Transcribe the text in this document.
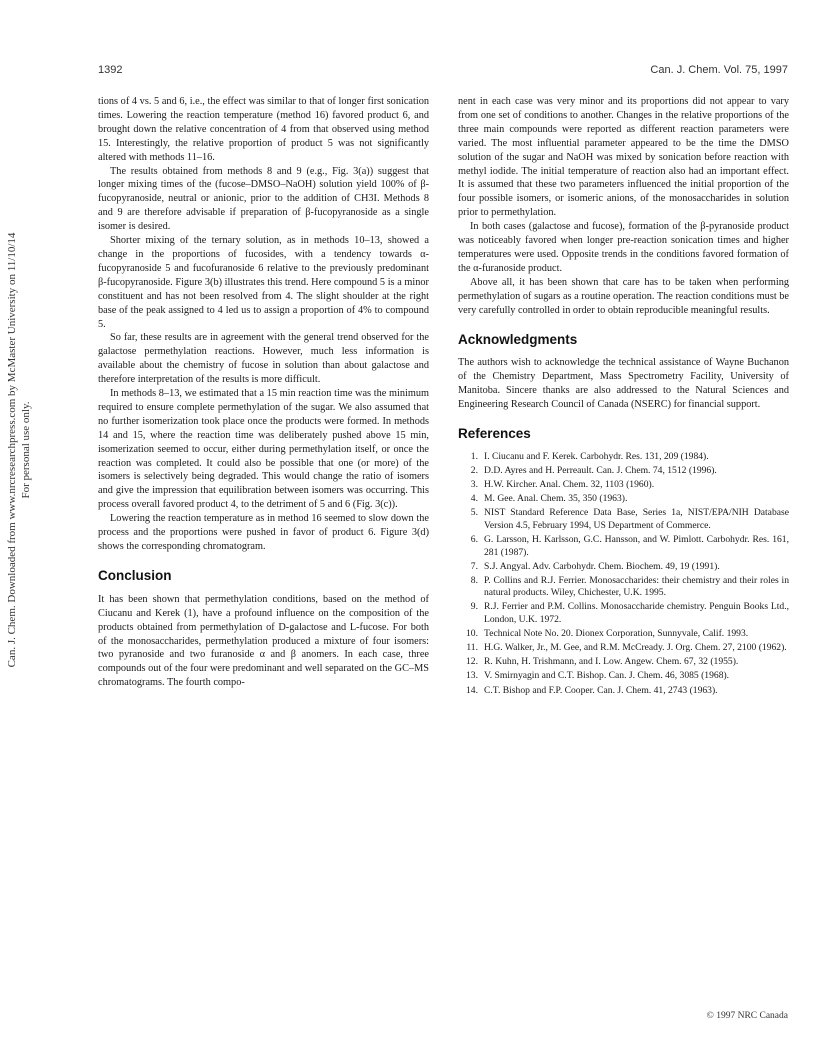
1392	Can. J. Chem. Vol. 75, 1997
Can. J. Chem. Downloaded from www.nrcresearchpress.com by McMaster University on 11/10/14 For personal use only.

tions of 4 vs. 5 and 6, i.e., the effect was similar to that of longer first sonication times. Lowering the reaction temperature (method 16) favored product 6, and brought down the relative concentration of 4 from that observed using method 15. Interestingly, the relative proportion of product 5 was not significantly altered with methods 11–16.

The results obtained from methods 8 and 9 (e.g., Fig. 3(a)) suggest that longer mixing times of the (fucose–DMSO–NaOH) solution yield 100% of β-fucopyranoside, neutral or anionic, prior to the addition of CH3I. Methods 8 and 9 are therefore advisable if preparation of β-fucopyranoside as a single isomer is desired.

Shorter mixing of the ternary solution, as in methods 10–13, showed a change in the proportions of fucosides, with a tendency towards α-fucopyranoside 5 and fucofuranoside 6 relative to the previously predominant β-fucopyranoside. Figure 3(b) illustrates this trend. Here compound 5 is a minor constituent and has not been resolved from 4. The slight shoulder at the right base of the peak assigned to 4 led us to assign a proportion of 4% to compound 5.

So far, these results are in agreement with the general trend observed for the galactose permethylation reactions. However, much less information is available about the chemistry of fucose in solution than about galactose and therefore interpretation of the results is more difficult.

In methods 8–13, we estimated that a 15 min reaction time was the minimum required to ensure complete permethylation of the sugar. We also assumed that no further isomerization took place once the products were formed. In methods 14 and 15, where the reaction time was deliberately pushed above 15 min, isomerization seemed to occur, either during permethylation itself, or once the reaction was completed. It could also be possible that one (or more) of the isomers is selectively being degraded. This would change the ratio of isomers and give the impression that equilibration between isomers was occurring. This process overall favored product 4, to the detriment of 5 and 6 (Fig. 3(c)).

Lowering the reaction temperature as in method 16 seemed to slow down the process and the proportions were pushed in favor of product 6. Figure 3(d) shows the corresponding chromatogram.

Conclusion

It has been shown that permethylation conditions, based on the method of Ciucanu and Kerek (1), have a profound influence on the composition of the products obtained from permethylation of D-galactose and L-fucose. For both of the monosaccharides, permethylation produced a mixture of four isomers: two pyranoside and two furanoside α and β anomers. In each case, three compounds out of the four were predominant and well separated on the GC–MS chromatograms. The fourth compo-

nent in each case was very minor and its proportions did not appear to vary from one set of conditions to another. Changes in the relative proportions of the three main compounds were reported as different reaction parameters were varied. The most influential parameter appeared to be the time the DMSO solution of the sugar and NaOH was mixed by sonication before reaction with methyl iodide. The initial temperature of reaction also had an important effect. It is assumed that these two parameters influenced the initial proportion of the four possible isomers, or isomeric anions, of the monosaccharides in solution prior to permethylation.

In both cases (galactose and fucose), formation of the β-pyranoside product was noticeably favored when longer pre-reaction sonication times and higher temperatures were used. Opposite trends in the conditions favored formation of the α-furanoside product.

Above all, it has been shown that care has to be taken when performing permethylation of sugars as a routine operation. The reaction conditions must be very carefully controlled in order to obtain reproducible meaningful results.

Acknowledgments

The authors wish to acknowledge the technical assistance of Wayne Buchanon of the Chemistry Department, Mass Spectrometry Facility, University of Manitoba. Sincere thanks are also addressed to the Natural Sciences and Engineering Research Council of Canada (NSERC) for financial support.

References
1. I. Ciucanu and F. Kerek. Carbohydr. Res. 131, 209 (1984).
2. D.D. Ayres and H. Perreault. Can. J. Chem. 74, 1512 (1996).
3. H.W. Kircher. Anal. Chem. 32, 1103 (1960).
4. M. Gee. Anal. Chem. 35, 350 (1963).
5. NIST Standard Reference Data Base, Series 1a, NIST/EPA/NIH Database Version 4.5, February 1994, US Department of Commerce.
6. G. Larsson, H. Karlsson, G.C. Hansson, and W. Pimlott. Carbohydr. Res. 161, 281 (1987).
7. S.J. Angyal. Adv. Carbohydr. Chem. Biochem. 49, 19 (1991).
8. P. Collins and R.J. Ferrier. Monosaccharides: their chemistry and their roles in natural products. Wiley, Chichester, U.K. 1995.
9. R.J. Ferrier and P.M. Collins. Monosaccharide chemistry. Penguin Books Ltd., London, U.K. 1972.
10. Technical Note No. 20. Dionex Corporation, Sunnyvale, Calif. 1993.
11. H.G. Walker, Jr., M. Gee, and R.M. McCready. J. Org. Chem. 27, 2100 (1962).
12. R. Kuhn, H. Trishmann, and I. Low. Angew. Chem. 67, 32 (1955).
13. V. Smirnyagin and C.T. Bishop. Can. J. Chem. 46, 3085 (1968).
14. C.T. Bishop and F.P. Cooper. Can. J. Chem. 41, 2743 (1963).
© 1997 NRC Canada
